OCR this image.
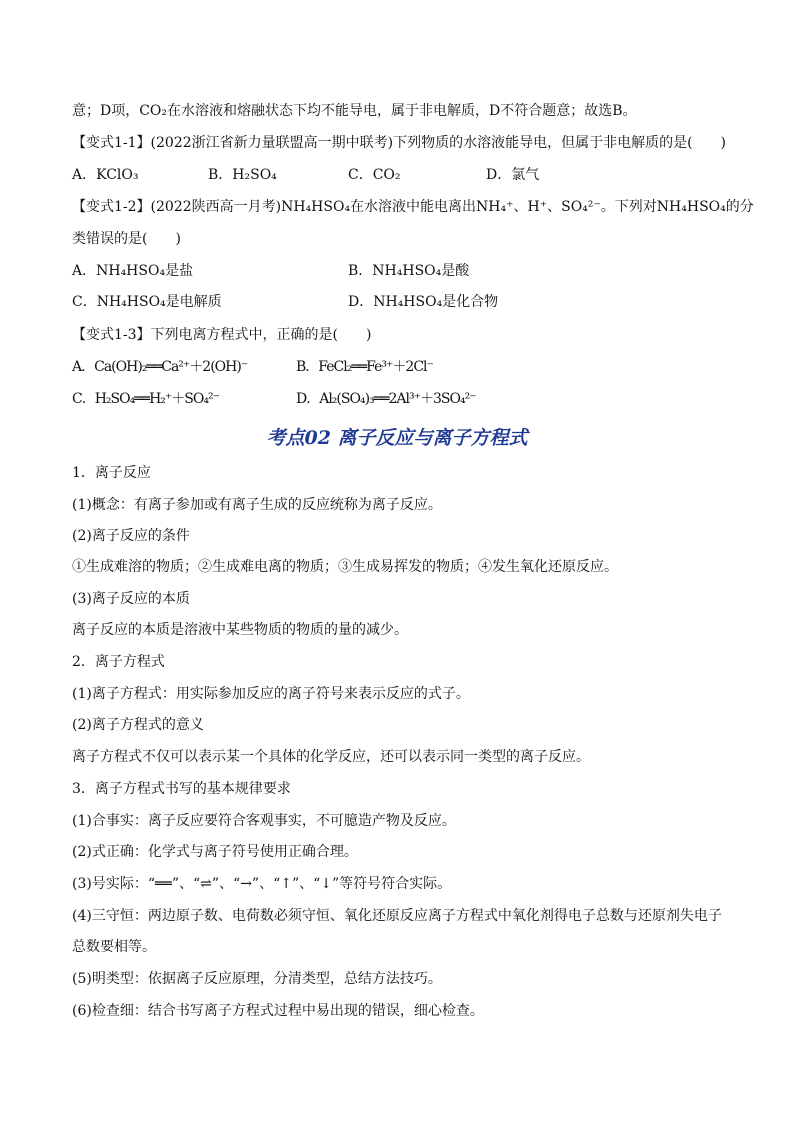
意；D项，CO₂在水溶液和熔融状态下均不能导电，属于非电解质，D不符合题意；故选B。
【变式1-1】(2022浙江省新力量联盟高一期中联考)下列物质的水溶液能导电，但属于非电解质的是(　　)
A．KClO₃	B．H₂SO₄	C．CO₂	D．氯气
【变式1-2】(2022陕西高一月考)NH₄HSO₄在水溶液中能电离出NH₄⁺、H⁺、SO₄²⁻。下列对NH₄HSO₄的分
类错误的是(　　)
A．NH₄HSO₄是盐	B．NH₄HSO₄是酸
C．NH₄HSO₄是电解质	D．NH₄HSO₄是化合物
【变式1-3】下列电离方程式中，正确的是(　　)
A．Ca(OH)₂══Ca²⁺＋2(OH)⁻	B．FeCl₂══Fe³⁺＋2Cl⁻
C．H₂SO₄══H₂⁺＋SO₄²⁻	D．Al₂(SO₄)₃══2Al³⁺＋3SO₄²⁻
考点02 离子反应与离子方程式
1．离子反应
(1)概念：有离子参加或有离子生成的反应统称为离子反应。
(2)离子反应的条件
①生成难溶的物质；②生成难电离的物质；③生成易挥发的物质；④发生氧化还原反应。
(3)离子反应的本质
离子反应的本质是溶液中某些物质的物质的量的减少。
2．离子方程式
(1)离子方程式：用实际参加反应的离子符号来表示反应的式子。
(2)离子方程式的意义
离子方程式不仅可以表示某一个具体的化学反应，还可以表示同一类型的离子反应。
3．离子方程式书写的基本规律要求
(1)合事实：离子反应要符合客观事实，不可臆造产物及反应。
(2)式正确：化学式与离子符号使用正确合理。
(3)号实际：“══”、“⇌”、“→”、“↑”、“↓”等符号符合实际。
(4)三守恒：两边原子数、电荷数必须守恒、氧化还原反应离子方程式中氧化剂得电子总数与还原剂失电子
总数要相等。
(5)明类型：依据离子反应原理，分清类型，总结方法技巧。
(6)检查细：结合书写离子方程式过程中易出现的错误，细心检查。
